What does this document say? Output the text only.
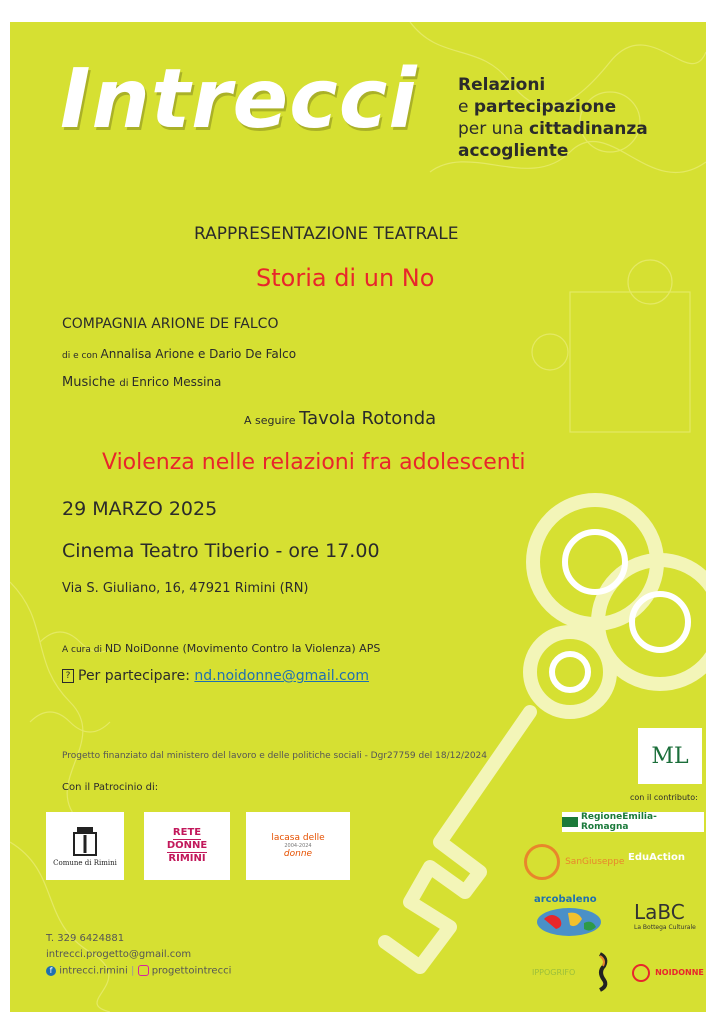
Intrecci Relazioni
e partecipazione
per una cittadinanza
accogliente
RAPPRESENTAZIONE TEATRALE
Storia di un No
COMPAGNIA ARIONE DE FALCO
di e con Annalisa Arione e Dario De Falco
Musiche di Enrico Messina
A seguire Tavola Rotonda
Violenza nelle relazioni fra adolescenti
29 MARZO 2025
Cinema Teatro Tiberio - ore 17.00
Via S. Giuliano, 16, 47921 Rimini (RN)
A cura di ND NoiDonne (Movimento Contro la Violenza) APS
? Per partecipare: nd.noidonne@gmail.com
Progetto finanziato dal ministero del lavoro e delle politiche sociali - Dgr27759 del 18/12/2024
Con il Patrocinio di:
con il contributo:
Comune di Rimini
RETE
DONNE
RIMINI
lacasa delle
2004-2024
donne
ML
RegioneEmilia-Romagna
SanGiuseppe EduAction
arcobaleno
LaBC
La Bottega Culturale
IPPOGRIFO	NOIDONNE
T. 329 6424881
intrecci.progetto@gmail.com
f intrecci.rimini | progettointrecci
